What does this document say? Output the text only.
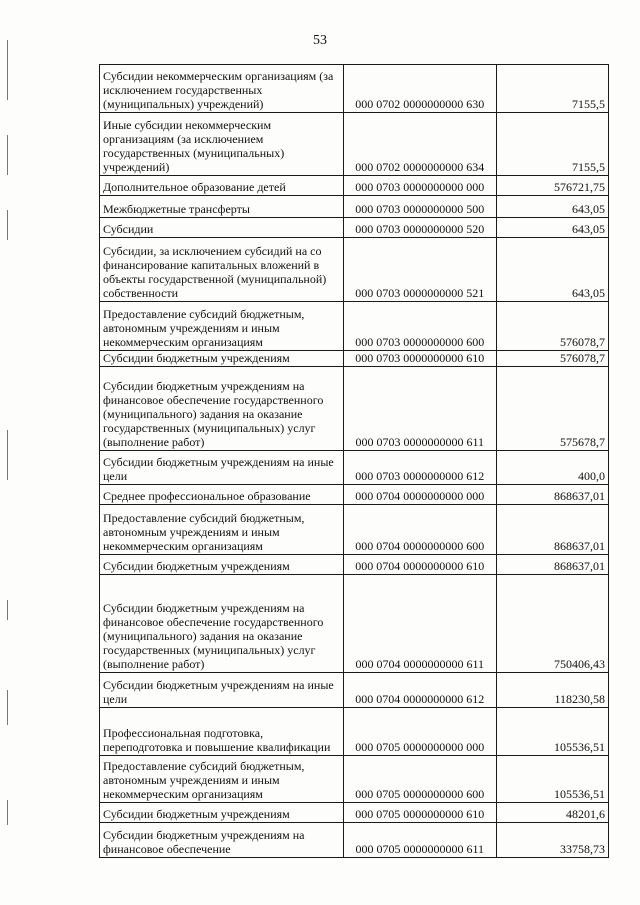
53
Субсидии некоммерческим организациям (за исключением государственных (муниципальных) учреждений)	000 0702 0000000000 630	7155,5
Иные субсидии некоммерческим организациям (за исключением государственных (муниципальных) учреждений)	000 0702 0000000000 634	7155,5
Дополнительное образование детей	000 0703 0000000000 000	576721,75
Межбюджетные трансферты	000 0703 0000000000 500	643,05
Субсидии	000 0703 0000000000 520	643,05
Субсидии, за исключением субсидий на со финансирование капитальных вложений в объекты государственной (муниципальной) собственности	000 0703 0000000000 521	643,05
Предоставление субсидий бюджетным, автономным учреждениям и иным некоммерческим организациям	000 0703 0000000000 600	576078,7
Субсидии бюджетным учреждениям	000 0703 0000000000 610	576078,7
Субсидии бюджетным учреждениям на финансовое обеспечение государственного (муниципального) задания на оказание государственных (муниципальных) услуг (выполнение работ)	000 0703 0000000000 611	575678,7
Субсидии бюджетным учреждениям на иные цели	000 0703 0000000000 612	400,0
Среднее профессиональное образование	000 0704 0000000000 000	868637,01
Предоставление субсидий бюджетным, автономным учреждениям и иным некоммерческим организациям	000 0704 0000000000 600	868637,01
Субсидии бюджетным учреждениям	000 0704 0000000000 610	868637,01
Субсидии бюджетным учреждениям на финансовое обеспечение государственного (муниципального) задания на оказание государственных (муниципальных) услуг (выполнение работ)	000 0704 0000000000 611	750406,43
Субсидии бюджетным учреждениям на иные цели	000 0704 0000000000 612	118230,58
Профессиональная подготовка, переподготовка и повышение квалификации	000 0705 0000000000 000	105536,51
Предоставление субсидий бюджетным, автономным учреждениям и иным некоммерческим организациям	000 0705 0000000000 600	105536,51
Субсидии бюджетным учреждениям	000 0705 0000000000 610	48201,6
Субсидии бюджетным учреждениям на финансовое обеспечение	000 0705 0000000000 611	33758,73
